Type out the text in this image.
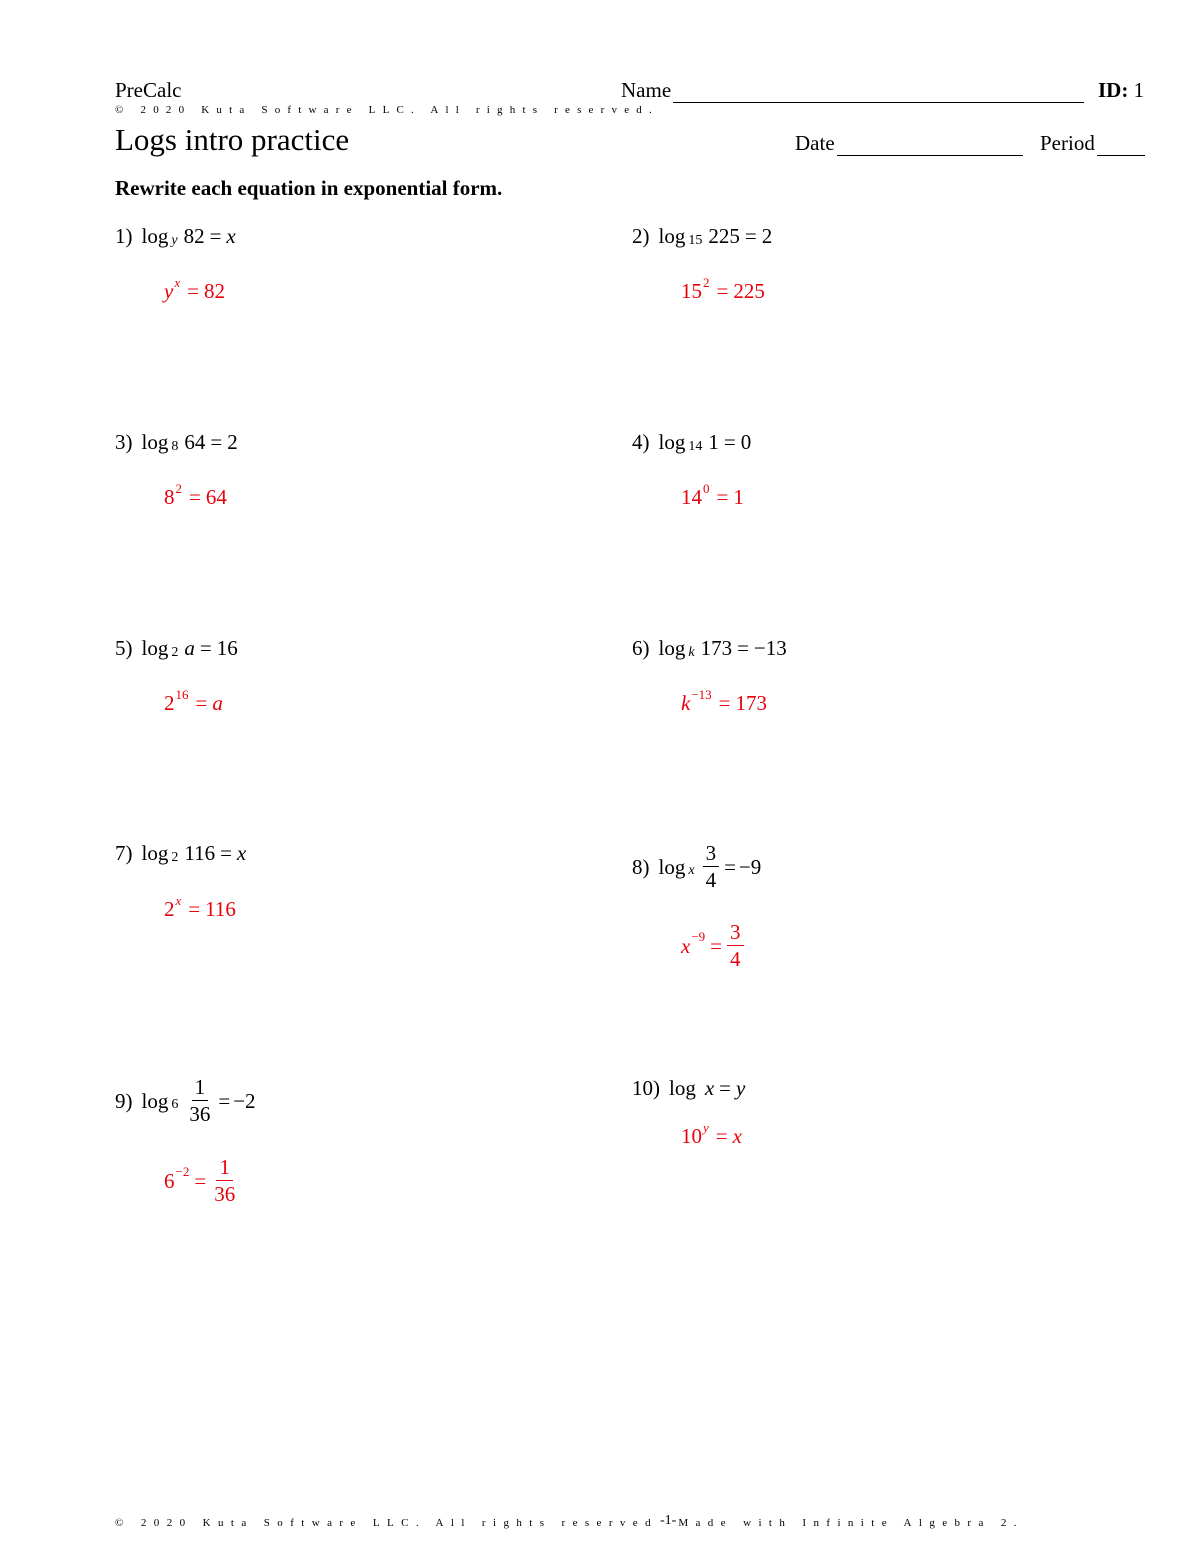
PreCalc	Name	ID: 1
© 2020 Kuta Software LLC. All rights reserved.
Logs intro practice	Date	Period
Rewrite each equation in exponential form.
1) $\log_y 82 = x$
$y^x = 82$
2) $\log_{15} 225 = 2$
$15^2 = 225$
3) $\log_8 64 = 2$
$8^2 = 64$
4) $\log_{14} 1 = 0$
$14^0 = 1$
5) $\log_2 a = 16$
$2^{16} = a$
6) $\log_k 173 = -13$
$k^{-13} = 173$
7) $\log_2 116 = x$
$2^x = 116$
8) $\log_x \frac{3}{4} = -9$
$x^{-9} = \frac{3}{4}$
9) $\log_6 \frac{1}{36} = -2$
$6^{-2} = \frac{1}{36}$
10) log x = y
$10^y = x$
© 2020 Kuta Software LLC. All rights reserved -1- Made with Infinite Algebra 2.
